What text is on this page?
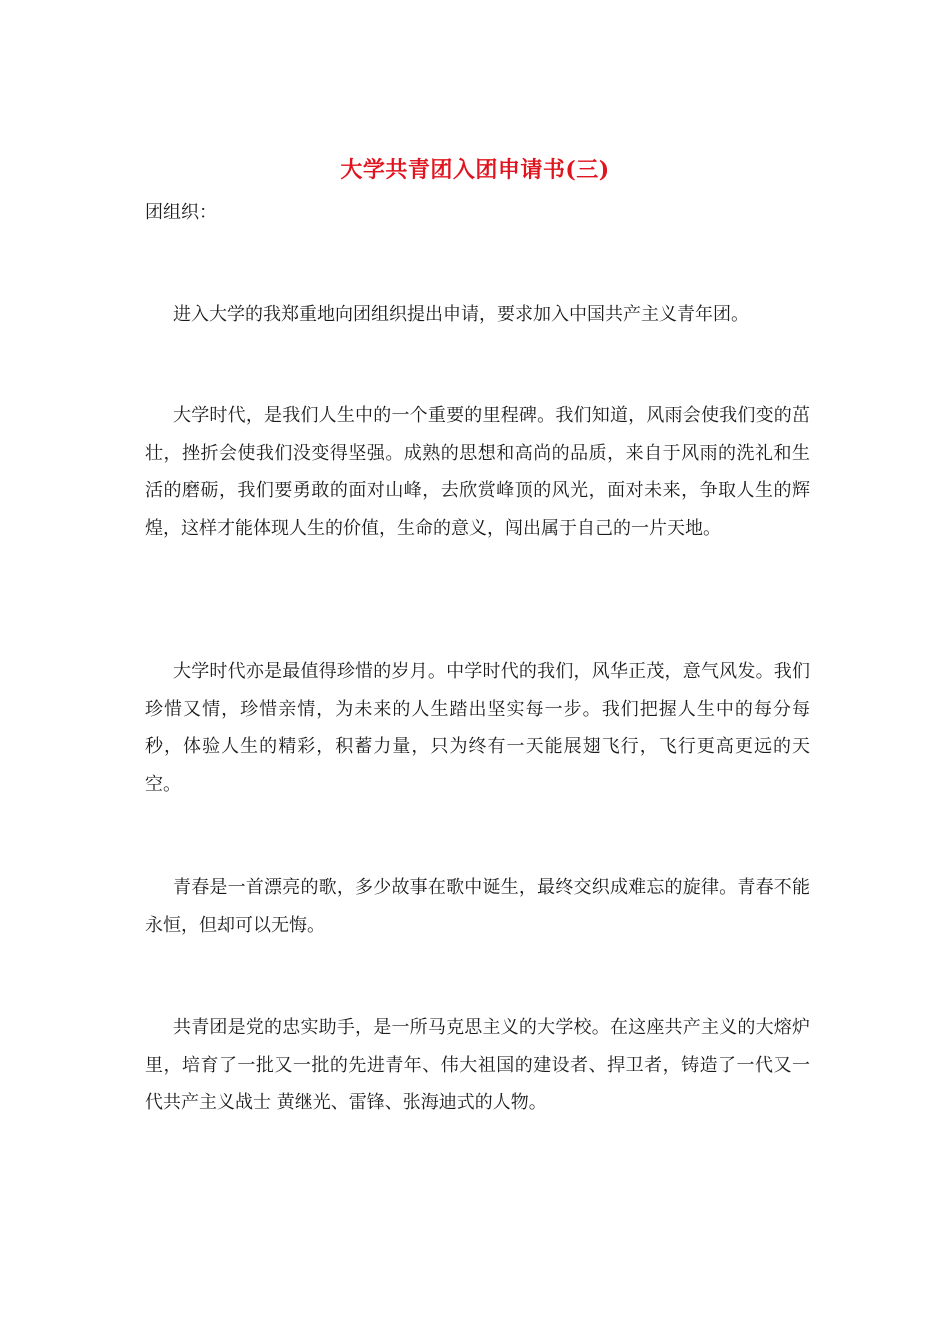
大学共青团入团申请书(三)
团组织：

进入大学的我郑重地向团组织提出申请，要求加入中国共产主义青年团。

大学时代，是我们人生中的一个重要的里程碑。我们知道，风雨会使我们变的茁壮，挫折会使我们没变得坚强。成熟的思想和高尚的品质，来自于风雨的洗礼和生活的磨砺，我们要勇敢的面对山峰，去欣赏峰顶的风光，面对未来，争取人生的辉煌，这样才能体现人生的价值，生命的意义，闯出属于自己的一片天地。

大学时代亦是最值得珍惜的岁月。中学时代的我们，风华正茂，意气风发。我们珍惜又情，珍惜亲情，为未来的人生踏出坚实每一步。我们把握人生中的每分每秒，体验人生的精彩，积蓄力量，只为终有一天能展翅飞行，飞行更高更远的天空。

青春是一首漂亮的歌，多少故事在歌中诞生，最终交织成难忘的旋律。青春不能永恒，但却可以无悔。

共青团是党的忠实助手，是一所马克思主义的大学校。在这座共产主义的大熔炉里，培育了一批又一批的先进青年、伟大祖国的建设者、捍卫者，铸造了一代又一代共产主义战士 黄继光、雷锋、张海迪式的人物。
